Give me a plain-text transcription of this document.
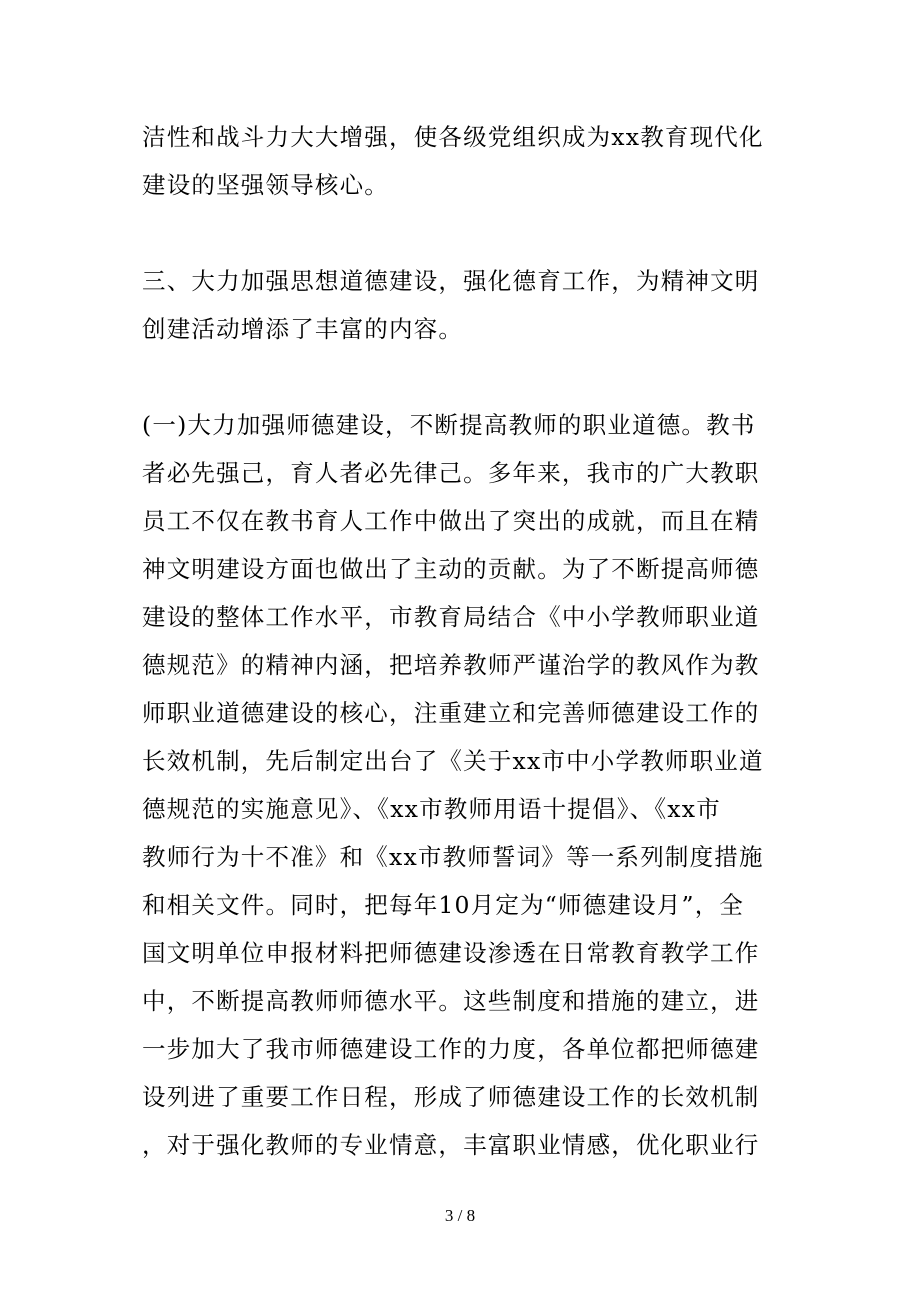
洁性和战斗力大大增强，使各级党组织成为xx教育现代化
建设的坚强领导核心。
三、大力加强思想道德建设，强化德育工作，为精神文明
创建活动增添了丰富的内容。
(一)大力加强师德建设，不断提高教师的职业道德。教书
者必先强己，育人者必先律己。多年来，我市的广大教职
员工不仅在教书育人工作中做出了突出的成就，而且在精
神文明建设方面也做出了主动的贡献。为了不断提高师德
建设的整体工作水平，市教育局结合《中小学教师职业道
德规范》的精神内涵，把培养教师严谨治学的教风作为教
师职业道德建设的核心，注重建立和完善师德建设工作的
长效机制，先后制定出台了《关于xx市中小学教师职业道
德规范的实施意见》、《xx市教师用语十提倡》、《xx市
教师行为十不准》和《xx市教师誓词》等一系列制度措施
和相关文件。同时，把每年10月定为“师德建设月”，全
国文明单位申报材料把师德建设渗透在日常教育教学工作
中，不断提高教师师德水平。这些制度和措施的建立，进
一步加大了我市师德建设工作的力度，各单位都把师德建
设列进了重要工作日程，形成了师德建设工作的长效机制
，对于强化教师的专业情意，丰富职业情感，优化职业行
3 / 8
